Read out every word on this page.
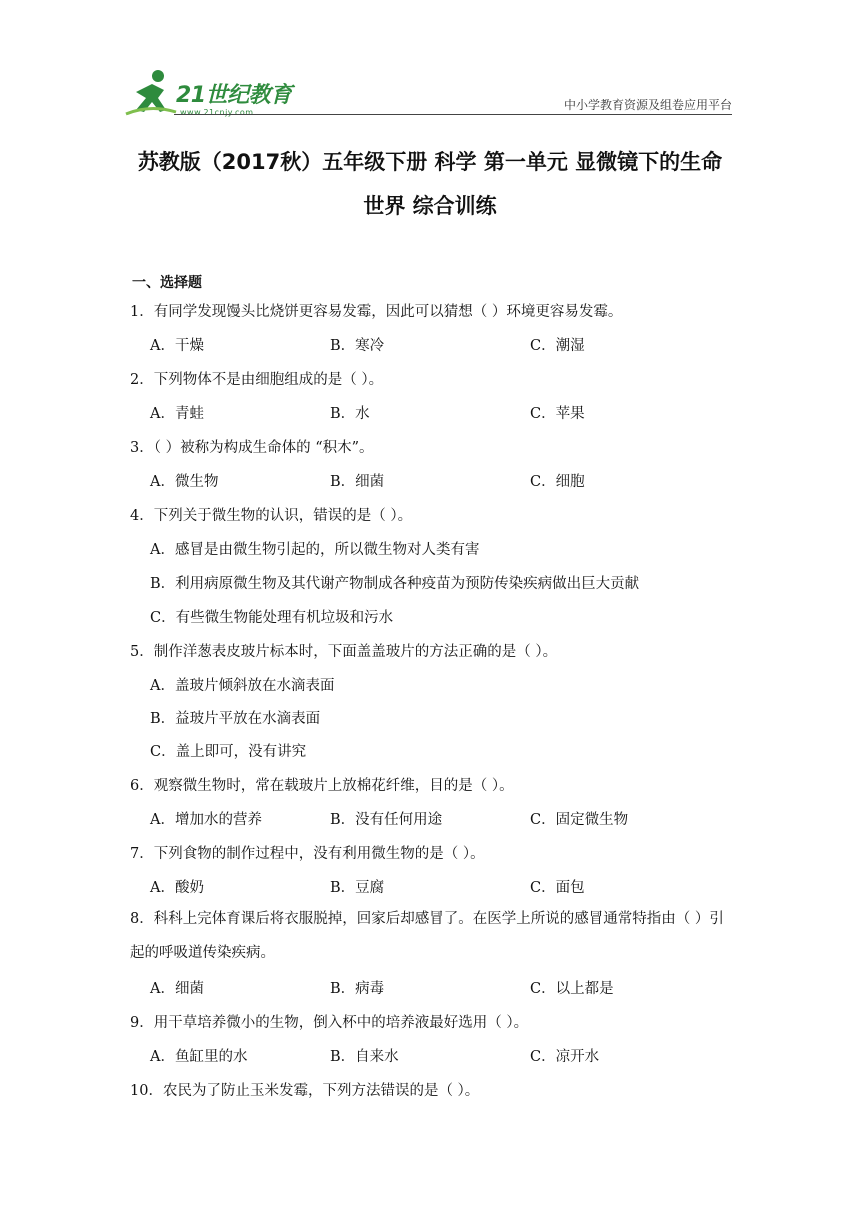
21世纪教育
www.21cnjy.com
中小学教育资源及组卷应用平台
苏教版（2017秋）五年级下册 科学 第一单元 显微镜下的生命
世界 综合训练
一、选择题
1．有同学发现馒头比烧饼更容易发霉，因此可以猜想（ ）环境更容易发霉。
A．干燥	B．寒冷	C．潮湿
2．下列物体不是由细胞组成的是（ ）。
A．青蛙	B．水	C．苹果
3．（ ）被称为构成生命体的 “积木”。
A．微生物	B．细菌	C．细胞
4．下列关于微生物的认识，错误的是（ ）。
A．感冒是由微生物引起的，所以微生物对人类有害
B．利用病原微生物及其代谢产物制成各种疫苗为预防传染疾病做出巨大贡献
C．有些微生物能处理有机垃圾和污水
5．制作洋葱表皮玻片标本时，下面盖盖玻片的方法正确的是（ ）。
A．盖玻片倾斜放在水滴表面
B．益玻片平放在水滴表面
C．盖上即可，没有讲究
6．观察微生物时，常在载玻片上放棉花纤维，目的是（ ）。
A．增加水的营养	B．没有任何用途	C．固定微生物
7．下列食物的制作过程中，没有利用微生物的是（ ）。
A．酸奶	B．豆腐	C．面包
8．科科上完体育课后将衣服脱掉，回家后却感冒了。在医学上所说的感冒通常特指由（ ）引起的呼吸道传染疾病。
A．细菌	B．病毒	C．以上都是
9．用干草培养微小的生物，倒入杯中的培养液最好选用（ ）。
A．鱼缸里的水	B．自来水	C．凉开水
10．农民为了防止玉米发霉，下列方法错误的是（ ）。
